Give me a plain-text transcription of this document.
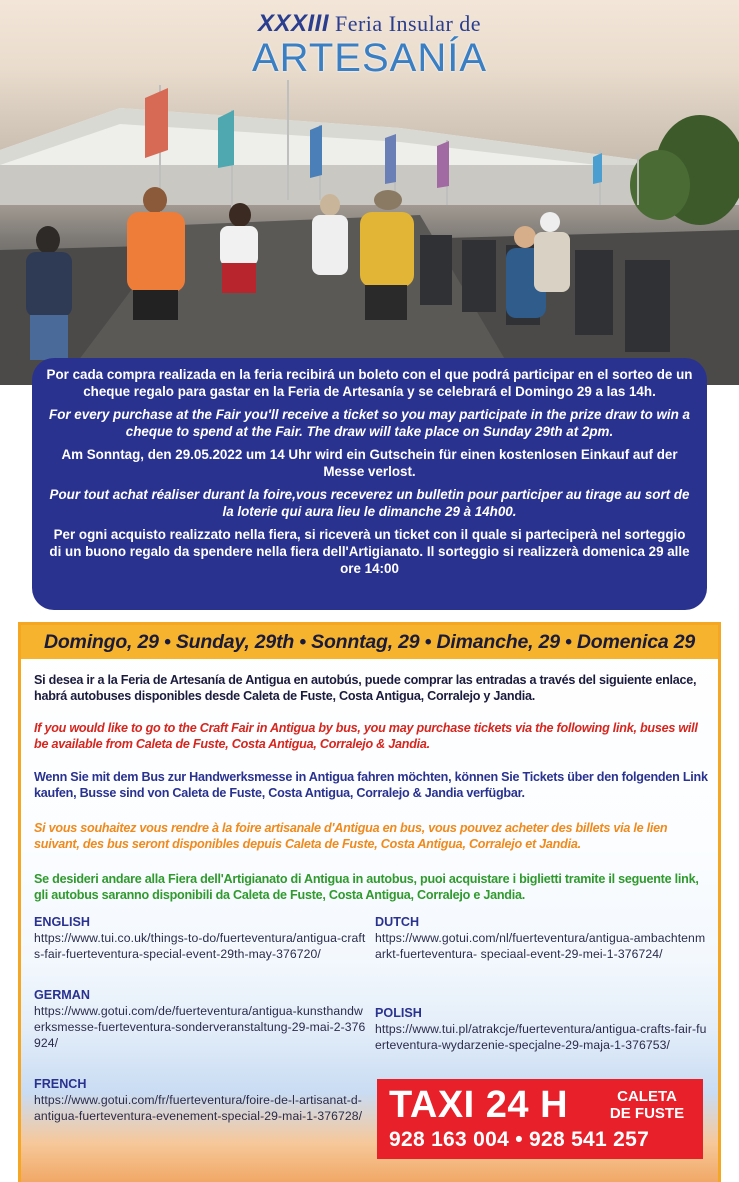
XXXIII Feria Insular de
ARTESANÍA

Por cada compra realizada en la feria recibirá un boleto con el que podrá participar en el sorteo de un cheque regalo para gastar en la Feria de Artesanía y se celebrará el Domingo 29 a las 14h.

For every purchase at the Fair you'll receive a ticket so you may participate in the prize draw to win a cheque to spend at the Fair. The draw will take place on Sunday 29th at 2pm.

Am Sonntag, den 29.05.2022 um 14 Uhr wird ein Gutschein für einen kostenlosen Einkauf auf der Messe verlost.

Pour tout achat réaliser durant la foire,vous receverez un bulletin pour participer au tirage au sort de la loterie qui aura lieu le dimanche 29 à 14h00.

Per ogni acquisto realizzato nella fiera, si riceverà un ticket con il quale si parteciperà nel sorteggio di un buono regalo da spendere nella fiera dell'Artigianato. Il sorteggio si realizzerà domenica 29 alle ore 14:00

Domingo, 29 • Sunday, 29th • Sonntag, 29 • Dimanche, 29 • Domenica 29
Si desea ir a la Feria de Artesanía de Antigua en autobús, puede comprar las entradas a través del siguiente enlace, habrá autobuses disponibles desde Caleta de Fuste, Costa Antigua, Corralejo y Jandia.
If you would like to go to the Craft Fair in Antigua by bus, you may purchase tickets via the following link, buses will be available from Caleta de Fuste, Costa Antigua, Corralejo & Jandia.
Wenn Sie mit dem Bus zur Handwerksmesse in Antigua fahren möchten, können Sie Tickets über den folgenden Link kaufen, Busse sind von Caleta de Fuste, Costa Antigua, Corralejo & Jandia verfügbar.
Si vous souhaitez vous rendre à la foire artisanale d'Antigua en bus, vous pouvez acheter des billets via le lien suivant, des bus seront disponibles depuis Caleta de Fuste, Costa Antigua, Corralejo et Jandia.
Se desideri andare alla Fiera dell'Artigianato di Antigua in autobus, puoi acquistare i biglietti tramite il seguente link, gli autobus saranno disponibili da Caleta de Fuste, Costa Antigua, Corralejo e Jandia.
ENGLISH
https://www.tui.co.uk/things-to-do/fuerteventura/antigua-crafts-fair-fuerteventura-special-event-29th-may-376720/
GERMAN
https://www.gotui.com/de/fuerteventura/antigua-kunsthandwerksmesse-fuerteventura-sonderveranstaltung-29-mai-2-376924/
FRENCH
https://www.gotui.com/fr/fuerteventura/foire-de-l-artisanat-d-antigua-fuerteventura-evenement-special-29-mai-1-376728/
DUTCH
https://www.gotui.com/nl/fuerteventura/antigua-ambachtenmarkt-fuerteventura- speciaal-event-29-mei-1-376724/
POLISH
https://www.tui.pl/atrakcje/fuerteventura/antigua-crafts-fair-fuerteventura-wydarzenie-specjalne-29-maja-1-376753/
TAXI 24 H	CALETA
DE FUSTE
928 163 004 • 928 541 257
